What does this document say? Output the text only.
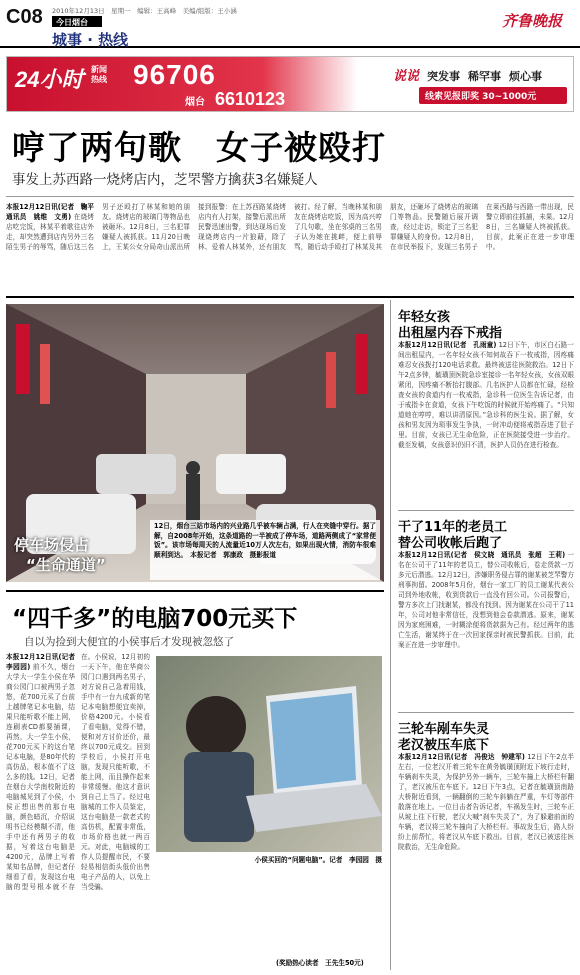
C08 2010年12月13日　星期一　编辑：王高峰　美编/组版：王小涵
今日烟台
城事 · 热线
齐鲁晚报
24小时 新闻热线 96706
烟台 6610123
说说 突发事 稀罕事 烦心事
线索见报即奖 30~1000元
哼了两句歌　女子被殴打
事发上苏西路一烧烤店内，芝罘警方擒获3名嫌疑人
本报12月12日讯(记者　鞠平　通讯员　姚维　文勇) 在烧烤店吃完饭，林某平着歌往店外走，却突然遭到店内另外三名陌生男子的辱骂，随后这三名男子还殴打了林某和她的朋友。烧烤店的玻璃门等物品也被砸坏。12月8日，三名犯罪嫌疑人被抓获。11月20日晚上，王某公女分局奇山派出所接到报警：在上苏西路某烧烤店内有人打架，接警后派出所民警迅速出警，到达现场后发现烧烤店内一片狼藉，除了林、爱着人林某外，还有朋友被打。经了解，当晚林某和朋友在烧烤店吃饭，因为高兴哼了几句歌，坐在邻桌的三名男子认为她在挑衅，便上前辱骂，随后动手殴打了林某及其朋友，还砸坏了烧烤店的玻璃门等物品。民警随后展开调查，经过走访，锁定了三名犯罪嫌疑人的身份。12月8日，在市民举报下，发现三名男子在莱西路与西路一带出现，民警立即前往抓捕，未果。12月8日，三名嫌疑人终被抓获。目前，此案正在进一步审理中。
停车场侵占
“生命通道”
12日，烟台三站市场内的兴业路几乎被车辆占满，行人在夹缝中穿行。据了解，自2008年开始，这条道路的一半被成了停车场，道路两侧成了“家常便饭”。该市场每周天的人流量近10万人次左右，如果出现火情，消防车很难顺利到达。　本报记者　郭康政　摄影报道
年轻女孩
出租屋内吞下戒指
本报12月12日讯(记者　孔雨童) 12日下午，市区白石路一间出租屋内，一名年轻女孩不知何故吞下一枚戒指，因疼痛难忍女孩拨打120电话求救。最终被送往医院救治。12日下午2点多钟，毓璜顶医院急诊室接诊一名年轻女孩，女孩双眼紧闭，因疼痛不断抬打腹部。几名医护人员都在忙碌，经检查女孩的食道内有一枚戒指，急诊科一位医生告诉记者，由于戒指卡在食道，女孩下午吃饭的时候就开始疼痛了。“只知道她在哼哼，难以讲清原因。”急诊科的医生说。据了解，女孩和男友因为琐事发生争执，一时冲动便将戒指吞进了肚子里。目前，女孩已无生命危险，正在医院接受进一步治疗。截至发稿，女孩意识仍旧不清，医护人员仍在进行检查。
干了11年的老员工
替公司收帐后跑了
本报12月12日讯(记者　侯文晓　通讯员　张超　王莉) 一名在公司干了11年的老员工，替公司收帐后，卷走货款一万多元后潜逃。12月12日，涉嫌职务侵占罪的谢某被芝罘警方刑事拘留。2008年5月份，烟台一家工厂的员工谢某代表公司到外地收帐，收到货款后一直没有回公司。公司报警后，警方多次上门找谢某，都没有找到。因为谢某在公司干了11年，公司对他非常信任，没想到他会卷款潜逃。原来，谢某因为家庭困难，一时糊涂便将货款据为己有。经过两年的逃亡生活，谢某终于在一次回家探亲时被民警抓获。目前，此案正在进一步审理中。
三轮车剐车失灵
老汉被压车底下
本报12月12日讯(记者　冯俊达　钟建军) 12日下午2点半左右，一位老汉开着三轮车在黄务毓璜顶附近下坡行走时，车辆刹车失灵，为保护另外一辆车，三轮车撞上大桥栏杆翻了，老汉被压在车底下。12日下午3点，记者在毓璜顶南路大桥附近看到，一辆翻倒的三轮车斜躺在严重，车灯等部件散落在地上。一位目击者告诉记者，车祸发生时，三轮车正从坡上往下行驶，老汉大喊“刹车失灵了”，为了躲避前面的车辆，老汉将三轮车撞向了大桥栏杆。事故发生后，路人纷纷上前帮忙，将老汉从车底下救出。目前，老汉已被送往医院救治，无生命危险。
“四千多”的电脑700元买下
自以为捡到大便宜的小侯事后才发现被忽悠了
本报12月12日讯(记者　李园园) 前不久，烟台大学大一学生小侯在华商公园门口被两男子忽悠，花700元买了台前上越牌笔记本电脑，结果只能听歌不能上网，连刷表CD都要插课，再然，大一学生小侯，花700元买下的这台笔记本电脑，是80年代的高仿品，根本值不了这么多的钱。12日，记者在烟台大学南校附近的电脑城见到了小侯，小侯正想出售的那台电脑，颜色暗沉，介绍说明书已经模糊不清，他手中还有两男子的收据，写着这台电脑是4200元，品牌上写着某知名品牌，但记者仔细看了看，发现这台电脑的型号根本就不存在。小侯说，12月初的一天下午，他在华商公园门口遇到两名男子，对方说自己急着用钱，手中有一台九成新的笔记本电脑想便宜卖掉，价格4200元。小侯看了看电脑，觉得不错，便和对方讨价还价，最终以700元成交。回到学校后，小侯打开电脑，发现只能听歌，不能上网，而且操作起来非常缓慢。他这才意识到自己上当了。经过电脑城的工作人员鉴定，这台电脑是一款老式的高仿机，配置非常低，市场价格也就一两百元。对此，电脑城的工作人员提醒市民，不要轻易相信街头低价出售电子产品的人，以免上当受骗。
小侯买回的“问题电脑”。记者　李园园　摄
(奖励热心读者　王先生50元)
